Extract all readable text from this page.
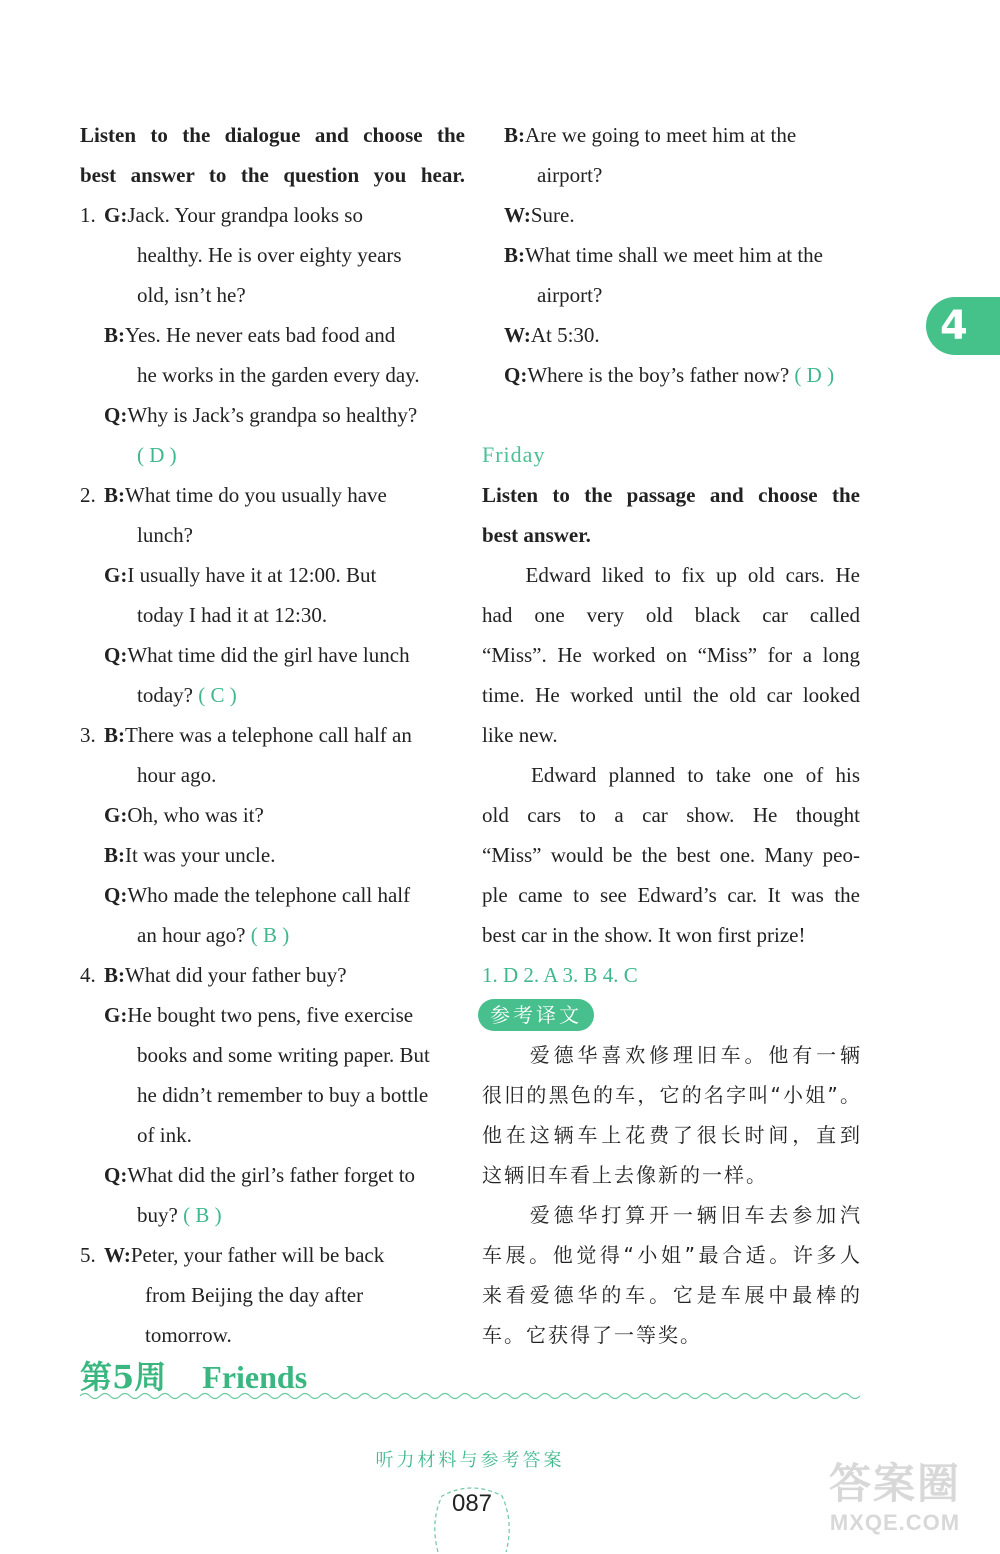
Listen to the dialogue and choose the
best answer to the question you hear.
1.G:Jack. Your grandpa looks so
healthy. He is over eighty years
old, isn’t he?
B:Yes. He never eats bad food and
he works in the garden every day.
Q:Why is Jack’s grandpa so healthy?
( D )
2.B:What time do you usually have
lunch?
G:I usually have it at 12:00. But
today I had it at 12:30.
Q:What time did the girl have lunch
today? ( C )
3.B:There was a telephone call half an
hour ago.
G:Oh, who was it?
B:It was your uncle.
Q:Who made the telephone call half
an hour ago? ( B )
4.B:What did your father buy?
G:He bought two pens, five exercise
books and some writing paper. But
he didn’t remember to buy a bottle
of ink.
Q:What did the girl’s father forget to
buy? ( B )
5.W:Peter, your father will be back
from Beijing the day after
tomorrow.
B:Are we going to meet him at the
airport?
W:Sure.
B:What time shall we meet him at the
airport?
W:At 5:30.
Q:Where is the boy’s father now? ( D )
Friday
Listen to the passage and choose the
best answer.
Edward liked to fix up old cars. He
had one very old black car called
“Miss”. He worked on “Miss” for a long
time. He worked until the old car looked
like new.
Edward planned to take one of his
old cars to a car show. He thought
“Miss” would be the best one. Many peo-
ple came to see Edward’s car. It was the
best car in the show. It won first prize!
1. D 2. A 3. B 4. C
参考译文
　　爱德华喜欢修理旧车。他有一辆
很旧的黑色的车，它的名字叫“小姐”。
他在这辆车上花费了很长时间，直到
这辆旧车看上去像新的一样。
　　爱德华打算开一辆旧车去参加汽
车展。他觉得“小姐”最合适。许多人
来看爱德华的车。它是车展中最棒的
车。它获得了一等奖。
4
第5周 Friends
听力材料与参考答案
087	答案圈
MXQE.COM
